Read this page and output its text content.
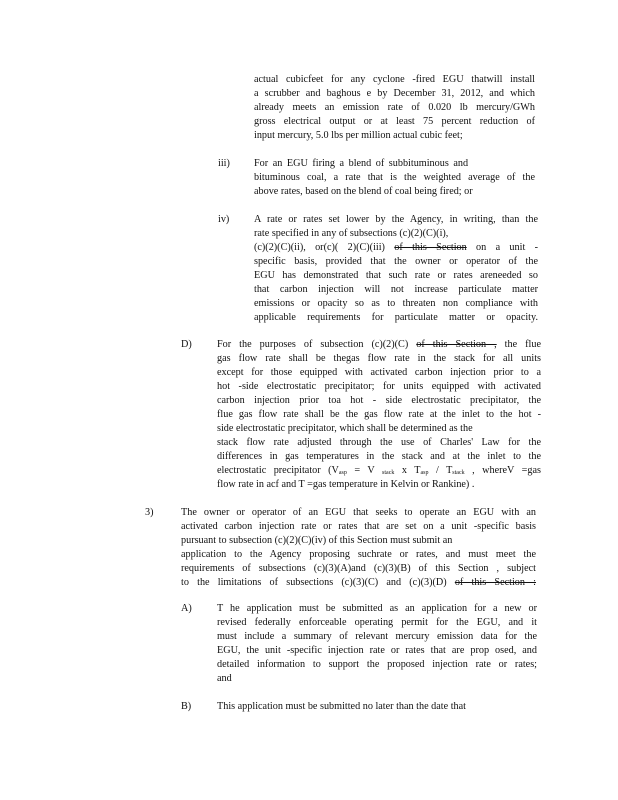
actual cubicfeet for any cyclone -fired EGU thatwill install
a scrubber and baghous e by December 31, 2012, and which
already meets an emission rate of 0.020 lb mercury/GWh
gross electrical output or at least 75 percent reduction of
input mercury, 5.0 lbs per million actual cubic feet;
iii) For an EGU firing a blend of subbituminous and
bituminous coal, a rate that is the weighted average of the
above rates, based on the blend of coal being fired; or
iv) A rate or rates set lower by the Agency, in writing, than the
rate specified in any of subsections (c)(2)(C)(i),
(c)(2)(C)(ii), or(c)( 2)(C)(iii) of this Section on a unit -
specific basis, provided that the owner or operator of the
EGU has demonstrated that such rate or rates areneeded so
that carbon injection will not increase particulate matter
emissions or opacity so as to threaten non compliance with
applicable requirements for particulate matter or opacity.
D) For the purposes of subsection (c)(2)(C) of this Section , the flue
gas flow rate shall be thegas flow rate in the stack for all units
except for those equipped with activated carbon injection prior to a
hot -side electrostatic precipitator; for units equipped with activated
carbon injection prior toa hot - side electrostatic precipitator, the
flue gas flow rate shall be the gas flow rate at the inlet to the hot -
side electrostatic precipitator, which shall be determined as the
stack flow rate adjusted through the use of Charles' Law for the
differences in gas temperatures in the stack and at the inlet to the
electrostatic precipitator ($V_{asp} = V$ $_{stack}$ x $T_{asp} / T_{stack}$ , whereV =gas
flow rate in acf and T =gas temperature in Kelvin or Rankine) .
3)	The owner or operator of an EGU that seeks to operate an EGU with an
activated carbon injection rate or rates that are set on a unit -specific basis
pursuant to subsection (c)(2)(C)(iv) of this Section must submit an
application to the Agency proposing suchrate or rates, and must meet the
requirements of subsections (c)(3)(A)and (c)(3)(B) of this Section , subject
to the limitations of subsections (c)(3)(C) and (c)(3)(D) of this Section :
A) T he application must be submitted as an application for a new or
revised federally enforceable operating permit for the EGU, and it
must include a summary of relevant mercury emission data for the
EGU, the unit -specific injection rate or rates that are prop osed, and
detailed information to support the proposed injection rate or rates;
and
B)	This application must be submitted no later than the date that
